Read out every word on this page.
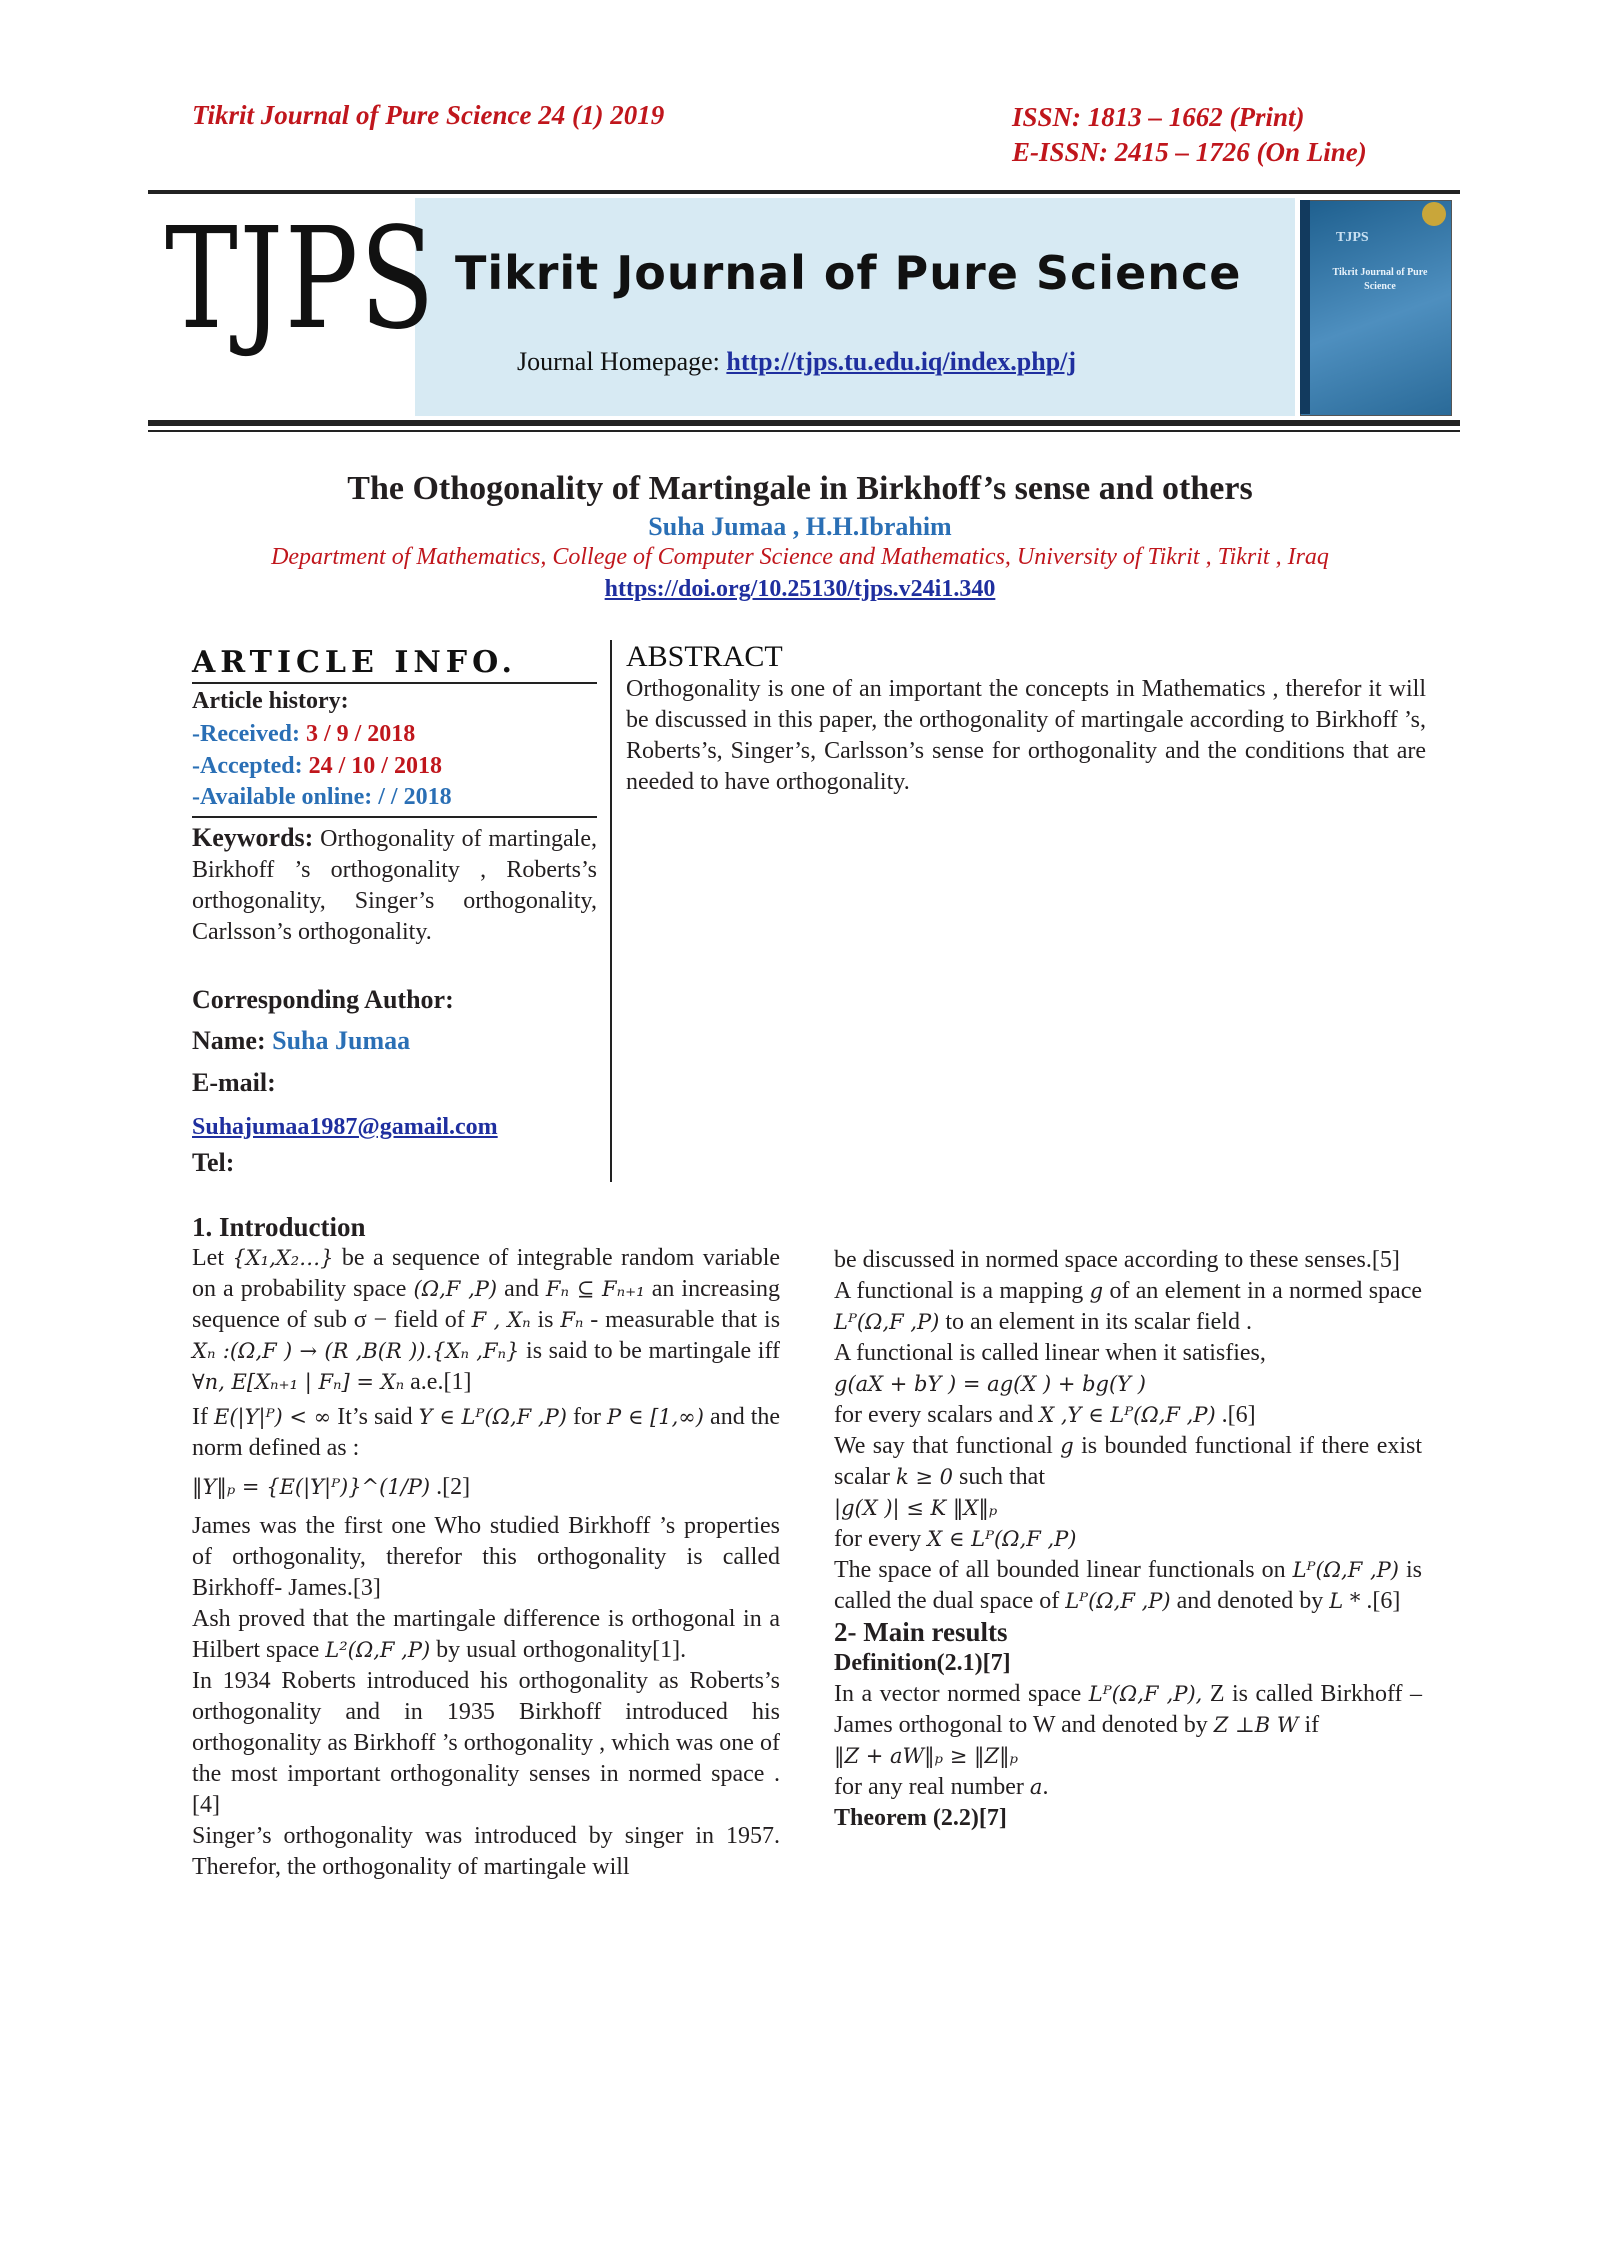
Tikrit Journal of Pure Science 24 (1) 2019	ISSN: 1813 – 1662 (Print)
E-ISSN: 2415 – 1726 (On Line)
TJPS Tikrit Journal of Pure Science
Journal Homepage: http://tjps.tu.edu.iq/index.php/j
TJPS
Tikrit Journal of Pure Science
The Othogonality of Martingale in Birkhoff’s sense and others
Suha Jumaa , H.H.Ibrahim
Department of Mathematics, College of Computer Science and Mathematics, University of Tikrit , Tikrit , Iraq
https://doi.org/10.25130/tjps.v24i1.340
ARTICLE INFO.
Article history:
-Received: 3 / 9 / 2018
-Accepted: 24 / 10 / 2018
-Available online: / / 2018
Keywords: Orthogonality of martingale, Birkhoff ’s orthogonality , Roberts’s orthogonality, Singer’s orthogonality, Carlsson’s orthogonality.
Corresponding Author:
Name: Suha Jumaa
E-mail:
Suhajumaa1987@gamail.com
Tel:
ABSTRACT
Orthogonality is one of an important the concepts in Mathematics , therefor it will be discussed in this paper, the orthogonality of martingale according to Birkhoff ’s, Roberts’s, Singer’s, Carlsson’s sense for orthogonality and the conditions that are needed to have orthogonality.
1. Introduction
Let {X₁,X₂…} be a sequence of integrable random variable on a probability space (Ω,F ,P) and Fₙ ⊆ Fₙ₊₁ an increasing sequence of sub σ − field of F , Xₙ is Fₙ - measurable that is Xₙ :(Ω,F ) → (R ,B(R )).{Xₙ ,Fₙ} is said to be martingale iff ∀n, E[Xₙ₊₁ | Fₙ] = Xₙ a.e.[1]
If E(|Y|ᴾ) < ∞ It’s said Y ∈ Lᴾ(Ω,F ,P) for P ∈ [1,∞) and the norm defined as :
‖Y‖ₚ = {E(|Y|ᴾ)}^(1/P) .[2]
James was the first one Who studied Birkhoff ’s properties of orthogonality, therefor this orthogonality is called Birkhoff- James.[3]
Ash proved that the martingale difference is orthogonal in a Hilbert space L²(Ω,F ,P) by usual orthogonality[1].
In 1934 Roberts introduced his orthogonality as Roberts’s orthogonality and in 1935 Birkhoff introduced his orthogonality as Birkhoff ’s orthogonality , which was one of the most important orthogonality senses in normed space . [4]
Singer’s orthogonality was introduced by singer in 1957. Therefor, the orthogonality of martingale will
be discussed in normed space according to these senses.[5]
A functional is a mapping g of an element in a normed space Lᴾ(Ω,F ,P) to an element in its scalar field .
A functional is called linear when it satisfies,
g(aX + bY ) = ag(X ) + bg(Y )
for every scalars and X ,Y ∈ Lᴾ(Ω,F ,P) .[6]
We say that functional g is bounded functional if there exist scalar k ≥ 0 such that
|g(X )| ≤ K ‖X‖ₚ
for every X ∈ Lᴾ(Ω,F ,P)
The space of all bounded linear functionals on Lᴾ(Ω,F ,P) is called the dual space of Lᴾ(Ω,F ,P) and denoted by L * .[6]
2- Main results
Definition(2.1)[7]
In a vector normed space Lᴾ(Ω,F ,P), Z is called Birkhoff – James orthogonal to W and denoted by Z ⊥B W if
‖Z + aW‖ₚ ≥ ‖Z‖ₚ
for any real number a.
Theorem (2.2)[7]
